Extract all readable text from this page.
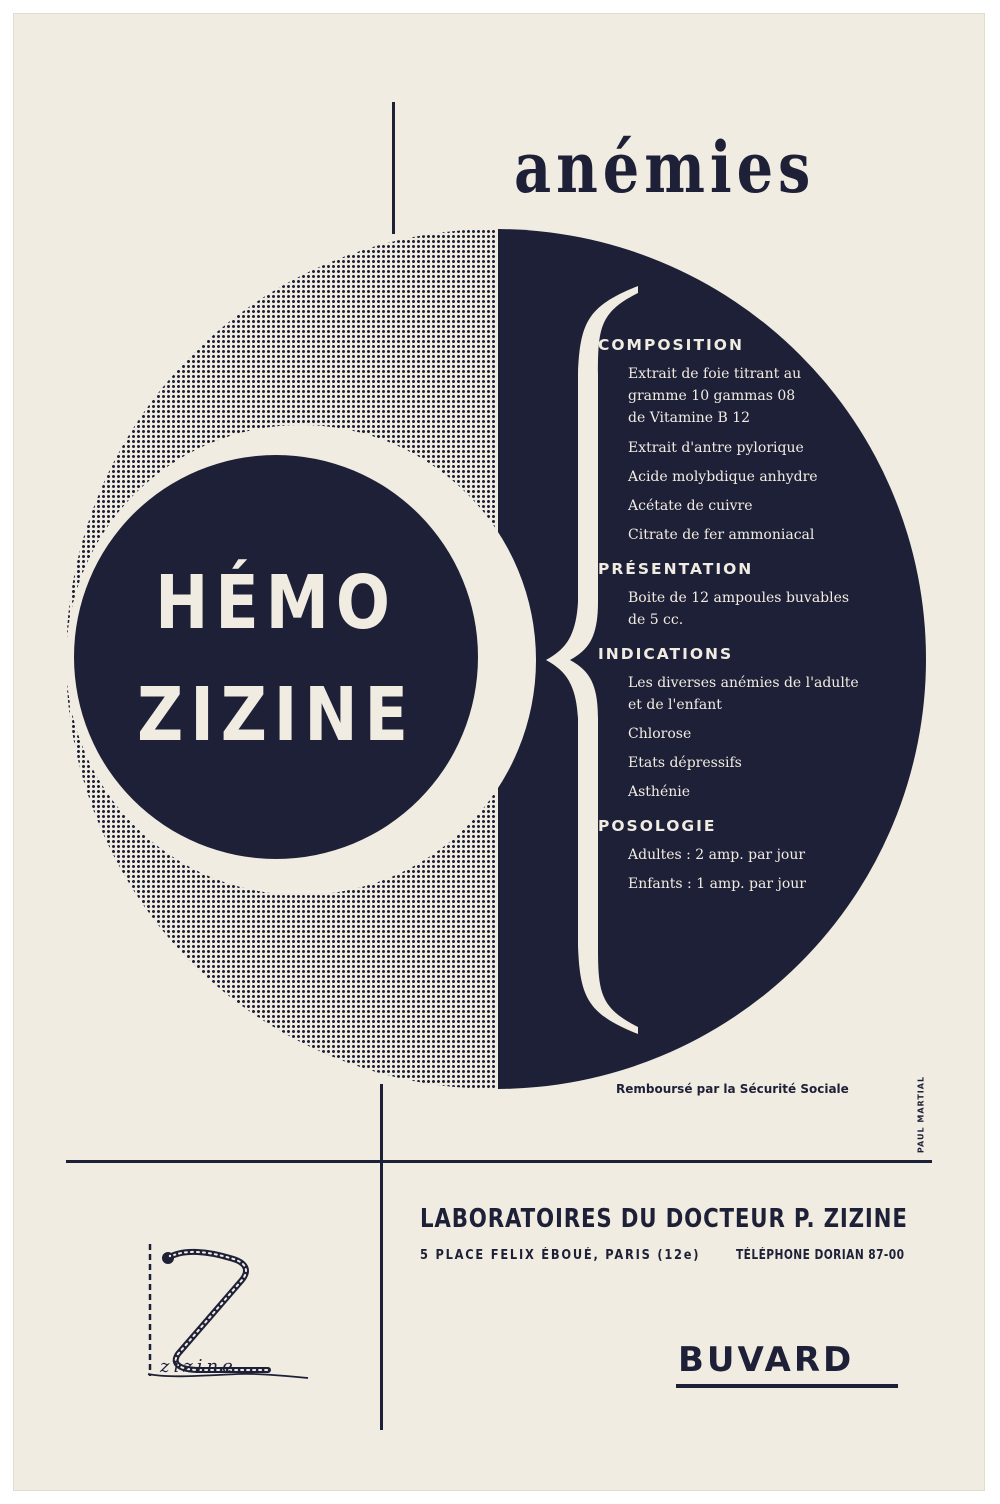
anémies
HÉMO
ZIZINE
COMPOSITION
Extrait de foie titrant au
gramme 10 gammas 08
de Vitamine B 12
Extrait d'antre pylorique
Acide molybdique anhydre
Acétate de cuivre
Citrate de fer ammoniacal
PRÉSENTATION
Boite de 12 ampoules buvables
de 5 cc.
INDICATIONS
Les diverses anémies de l'adulte
et de l'enfant
Chlorose
Etats dépressifs
Asthénie
POSOLOGIE
Adultes : 2 amp. par jour
Enfants : 1 amp. par jour
Remboursé par la Sécurité Sociale	PAUL MARTIAL
LABORATOIRES DU DOCTEUR P. ZIZINE
5 PLACE FELIX ÉBOUÉ, PARIS (12e)	TÉLÉPHONE DORIAN 87-00
BUVARD
zizine
